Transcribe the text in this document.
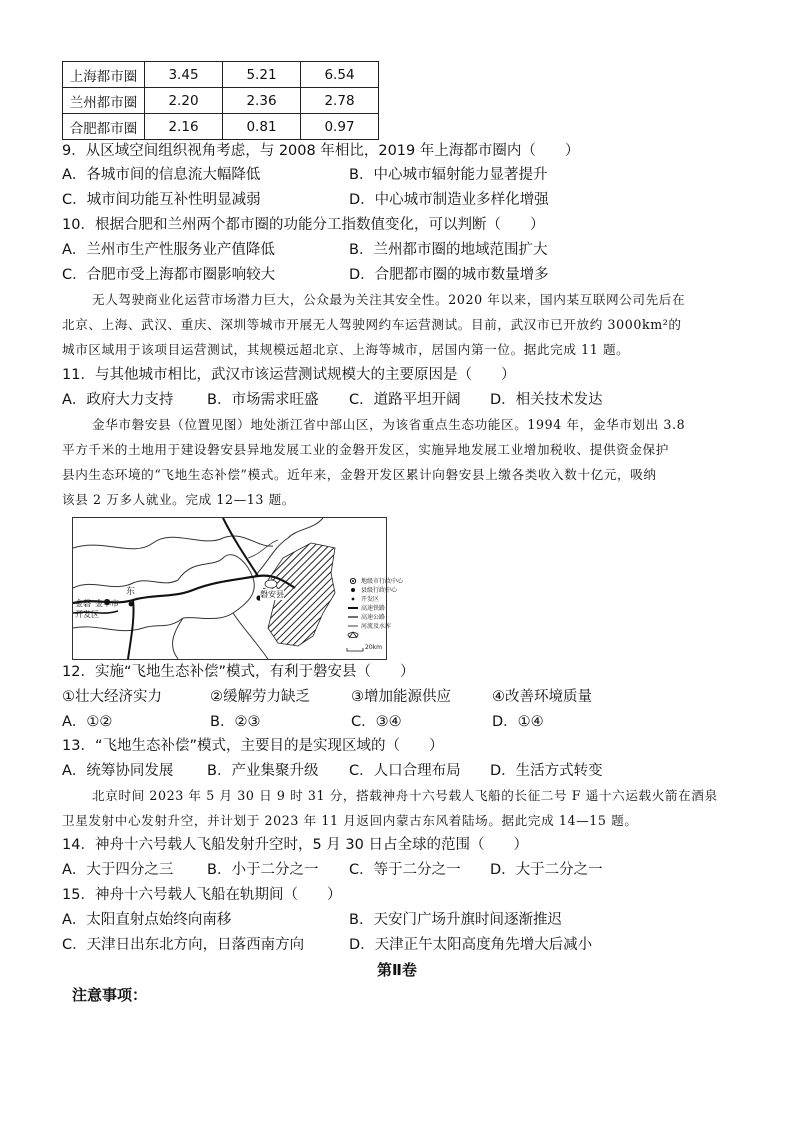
上海都市圈	3.45	5.21	6.54
兰州都市圈	2.20	2.36	2.78
合肥都市圈	2.16	0.81	0.97
9．从区域空间组织视角考虑，与 2008 年相比，2019 年上海都市圈内（　　）
A．各城市间的信息流大幅降低	B．中心城市辐射能力显著提升
C．城市间功能互补性明显减弱	D．中心城市制造业多样化增强
10．根据合肥和兰州两个都市圈的功能分工指数值变化，可以判断（　　）
A．兰州市生产性服务业产值降低	B．兰州都市圈的地域范围扩大
C．合肥市受上海都市圈影响较大	D．合肥都市圈的城市数量增多
无人驾驶商业化运营市场潜力巨大，公众最为关注其安全性。2020 年以来，国内某互联网公司先后在
北京、上海、武汉、重庆、深圳等城市开展无人驾驶网约车运营测试。目前，武汉市已开放约 3000km²的
城市区域用于该项目运营测试，其规模远超北京、上海等城市，居国内第一位。据此完成 11 题。
11．与其他城市相比，武汉市该运营测试规模大的主要原因是（　　）
A．政府大力支持 B．市场需求旺盛 C．道路平坦开阔 D．相关技术发达
金华市磐安县（位置见图）地处浙江省中部山区，为该省重点生态功能区。1994 年，金华市划出 3.8
平方千米的土地用于建设磐安县异地发展工业的金磐开发区，实施异地发展工业增加税收、提供资金保护
县内生态环境的“飞地生态补偿”模式。近年来，金磐开发区累计向磐安县上缴各类收入数十亿元，吸纳
该县 2 万多人就业。完成 12—13 题。
金磐
开发区
金华市
东	磐安县
地级市行政中心
县级行政中心
开发区
高速铁路
高速公路
河流及水库
20km
12．实施“飞地生态补偿”模式，有利于磐安县（　　）
①壮大经济实力	②缓解劳力缺乏	③增加能源供应	④改善环境质量
A．①②	B．②③	C．③④	D．①④
13．“飞地生态补偿”模式，主要目的是实现区域的（　　）
A．统筹协同发展 B．产业集聚升级 C．人口合理布局 D．生活方式转变
北京时间 2023 年 5 月 30 日 9 时 31 分，搭载神舟十六号载人飞船的长征二号 F 遥十六运载火箭在酒泉
卫星发射中心发射升空，并计划于 2023 年 11 月返回内蒙古东风着陆场。据此完成 14—15 题。
14．神舟十六号载人飞船发射升空时，5 月 30 日占全球的范围（　　）
A．大于四分之三 B．小于二分之一 C．等于二分之一 D．大于二分之一
15．神舟十六号载人飞船在轨期间（　　）
A．太阳直射点始终向南移	B．天安门广场升旗时间逐渐推迟
C．天津日出东北方向，日落西南方向	D．天津正午太阳高度角先增大后减小
第Ⅱ卷
注意事项：
